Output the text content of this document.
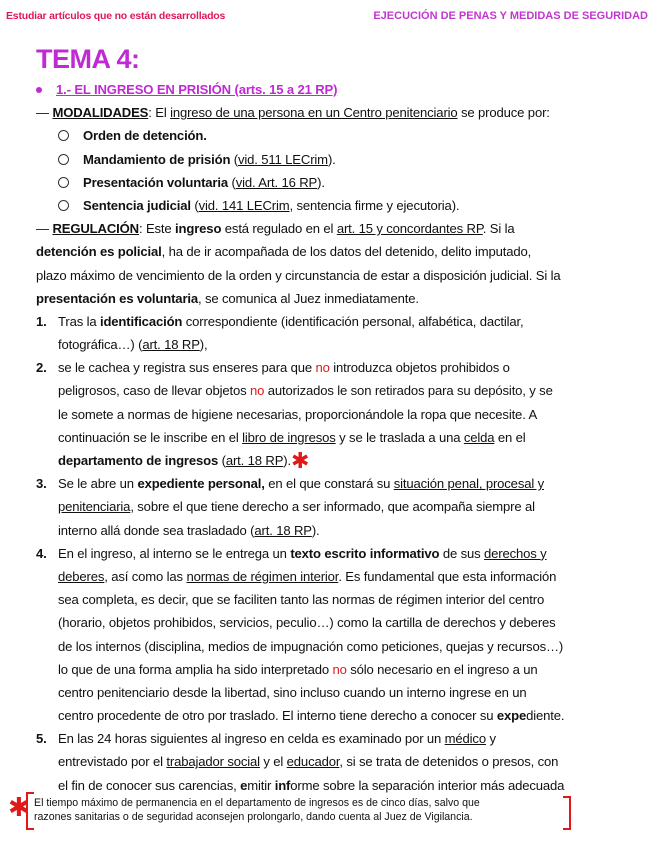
Estudiar artículos que no están desarrollados	EJECUCIÓN DE PENAS Y MEDIDAS DE SEGURIDAD
TEMA 4:
1.- EL INGRESO EN PRISIÓN (arts. 15 a 21 RP)
— MODALIDADES: El ingreso de una persona en un Centro penitenciario se produce por:
Orden de detención.
Mandamiento de prisión (vid. 511 LECrim).
Presentación voluntaria (vid. Art. 16 RP).
Sentencia judicial (vid. 141 LECrim, sentencia firme y ejecutoria).
— REGULACIÓN: Este ingreso está regulado en el art. 15 y concordantes RP. Si la
detención es policial, ha de ir acompañada de los datos del detenido, delito imputado,
plazo máximo de vencimiento de la orden y circunstancia de estar a disposición judicial. Si la
presentación es voluntaria, se comunica al Juez inmediatamente.
1. Tras la identificación correspondiente (identificación personal, alfabética, dactilar,
fotográfica…) (art. 18 RP),
2. se le cachea y registra sus enseres para que no introduzca objetos prohibidos o
peligrosos, caso de llevar objetos no autorizados le son retirados para su depósito, y se
le somete a normas de higiene necesarias, proporcionándole la ropa que necesite. A
continuación se le inscribe en el libro de ingresos y se le traslada a una celda en el
departamento de ingresos (art. 18 RP).✱
3. Se le abre un expediente personal, en el que constará su situación penal, procesal y
penitenciaria, sobre el que tiene derecho a ser informado, que acompaña siempre al
interno allá donde sea trasladado (art. 18 RP).
4. En el ingreso, al interno se le entrega un texto escrito informativo de sus derechos y
deberes, así como las normas de régimen interior. Es fundamental que esta información
sea completa, es decir, que se faciliten tanto las normas de régimen interior del centro
(horario, objetos prohibidos, servicios, peculio…) como la cartilla de derechos y deberes
de los internos (disciplina, medios de impugnación como peticiones, quejas y recursos…)
lo que de una forma amplia ha sido interpretado no sólo necesario en el ingreso a un
centro penitenciario desde la libertad, sino incluso cuando un interno ingrese en un
centro procedente de otro por traslado. El interno tiene derecho a conocer su expediente.
5. En las 24 horas siguientes al ingreso en celda es examinado por un médico y
entrevistado por el trabajador social y el educador, si se trata de detenidos o presos, con
el fin de conocer sus carencias, emitir informe sobre la separación interior más adecuada
✱ El tiempo máximo de permanencia en el departamento de ingresos es de cinco días, salvo que
razones sanitarias o de seguridad aconsejen prolongarlo, dando cuenta al Juez de Vigilancia.
